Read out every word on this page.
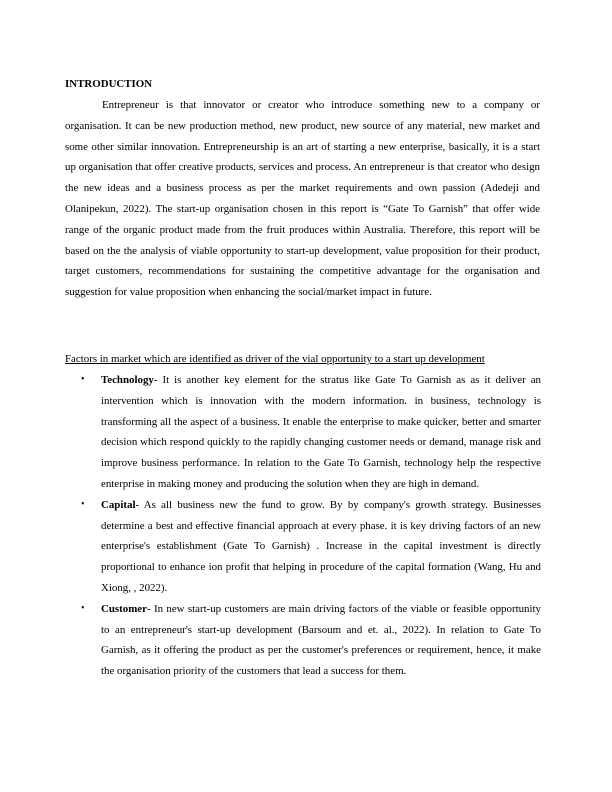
INTRODUCTION

Entrepreneur is that innovator or creator who introduce something new to a company or organisation. It can be new production method, new product, new source of any material, new market and some other similar innovation. Entrepreneurship is an art of starting a new enterprise, basically, it is a start up organisation that offer creative products, services and process. An entrepreneur is that creator who design the new ideas and a business process as per the market requirements and own passion (Adedeji and Olanipekun, 2022). The start-up organisation chosen in this report is “Gate To Garnish” that offer wide range of the organic product made from the fruit produces within Australia. Therefore, this report will be based on the the analysis of viable opportunity to start-up development, value proposition for their product, target customers, recommendations for sustaining the competitive advantage for the organisation and suggestion for value proposition when enhancing the social/market impact in future.

Factors in market which are identified as driver of the vial opportunity to a start up development

• Technology- It is another key element for the stratus like Gate To Garnish as as it deliver an intervention which is innovation with the modern information. in business, technology is transforming all the aspect of a business. It enable the enterprise to make quicker, better and smarter decision which respond quickly to the rapidly changing customer needs or demand, manage risk and improve business performance. In relation to the Gate To Garnish, technology help the respective enterprise in making money and producing the solution when they are high in demand.
• Capital- As all business new the fund to grow. By by company's growth strategy. Businesses determine a best and effective financial approach at every phase. it is key driving factors of an new enterprise's establishment (Gate To Garnish) . Increase in the capital investment is directly proportional to enhance ion profit that helping in procedure of the capital formation (Wang, Hu and Xiong, , 2022).
• Customer- In new start-up customers are main driving factors of the viable or feasible opportunity to an entrepreneur's start-up development (Barsoum and et. al., 2022). In relation to Gate To Garnish, as it offering the product as per the customer's preferences or requirement, hence, it make the organisation priority of the customers that lead a success for them.
